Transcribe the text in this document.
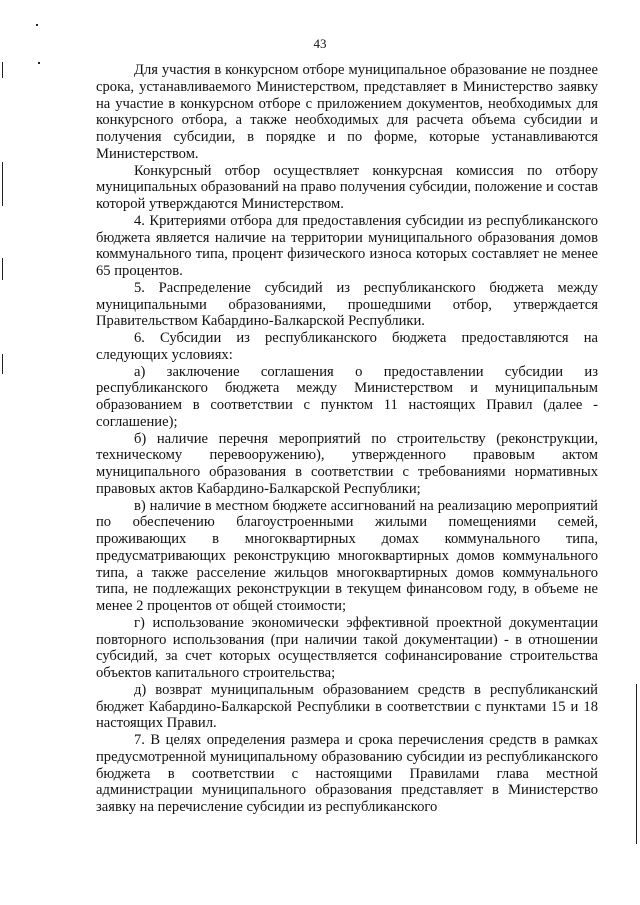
43

Для участия в конкурсном отборе муниципальное образование не позднее срока, устанавливаемого Министерством, представляет в Министерство заявку на участие в конкурсном отборе с приложением документов, необходимых для конкурсного отбора, а также необходимых для расчета объема субсидии и получения субсидии, в порядке и по форме, которые устанавливаются Министерством.

Конкурсный отбор осуществляет конкурсная комиссия по отбору муниципальных образований на право получения субсидии, положение и состав которой утверждаются Министерством.

4. Критериями отбора для предоставления субсидии из республиканского бюджета является наличие на территории муниципального образования домов коммунального типа, процент физического износа которых составляет не менее 65 процентов.

5. Распределение субсидий из республиканского бюджета между муниципальными образованиями, прошедшими отбор, утверждается Правительством Кабардино-Балкарской Республики.

6. Субсидии из республиканского бюджета предоставляются на следующих условиях:

а) заключение соглашения о предоставлении субсидии из республиканского бюджета между Министерством и муниципальным образованием в соответствии с пунктом 11 настоящих Правил (далее - соглашение);

б) наличие перечня мероприятий по строительству (реконструкции, техническому перевооружению), утвержденного правовым актом муниципального образования в соответствии с требованиями нормативных правовых актов Кабардино-Балкарской Республики;

в) наличие в местном бюджете ассигнований на реализацию мероприятий по обеспечению благоустроенными жилыми помещениями семей, проживающих в многоквартирных домах коммунального типа, предусматривающих реконструкцию многоквартирных домов коммунального типа, а также расселение жильцов многоквартирных домов коммунального типа, не подлежащих реконструкции в текущем финансовом году, в объеме не менее 2 процентов от общей стоимости;

г) использование экономически эффективной проектной документации повторного использования (при наличии такой документации) - в отношении субсидий, за счет которых осуществляется софинансирование строительства объектов капитального строительства;

д) возврат муниципальным образованием средств в республиканский бюджет Кабардино-Балкарской Республики в соответствии с пунктами 15 и 18 настоящих Правил.

7. В целях определения размера и срока перечисления средств в рамках предусмотренной муниципальному образованию субсидии из республиканского бюджета в соответствии с настоящими Правилами глава местной администрации муниципального образования представляет в Министерство заявку на перечисление субсидии из республиканского
